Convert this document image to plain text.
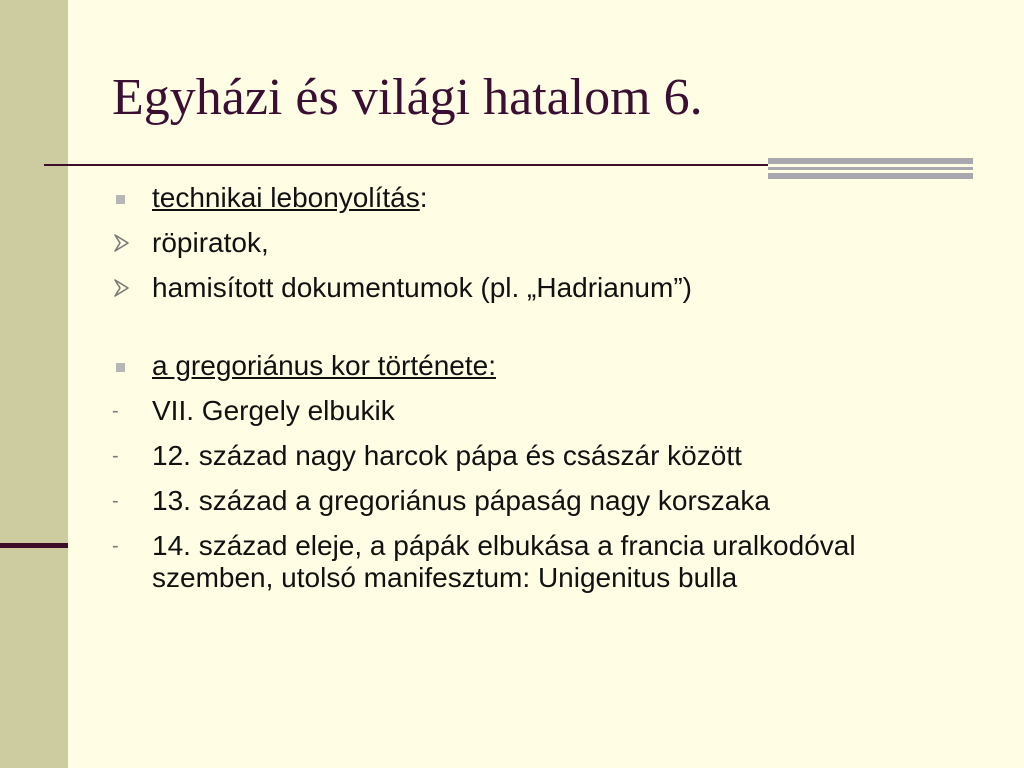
Egyházi és világi hatalom 6.
technikai lebonyolítás:
röpiratok,
hamisított dokumentumok (pl. „Hadrianum”)
a gregoriánus kor története:
- VII. Gergely elbukik
- 12. század nagy harcok pápa és császár között
- 13. század a gregoriánus pápaság nagy korszaka
- 14. század eleje, a pápák elbukása a francia uralkodóval szemben, utolsó manifesztum: Unigenitus bulla
